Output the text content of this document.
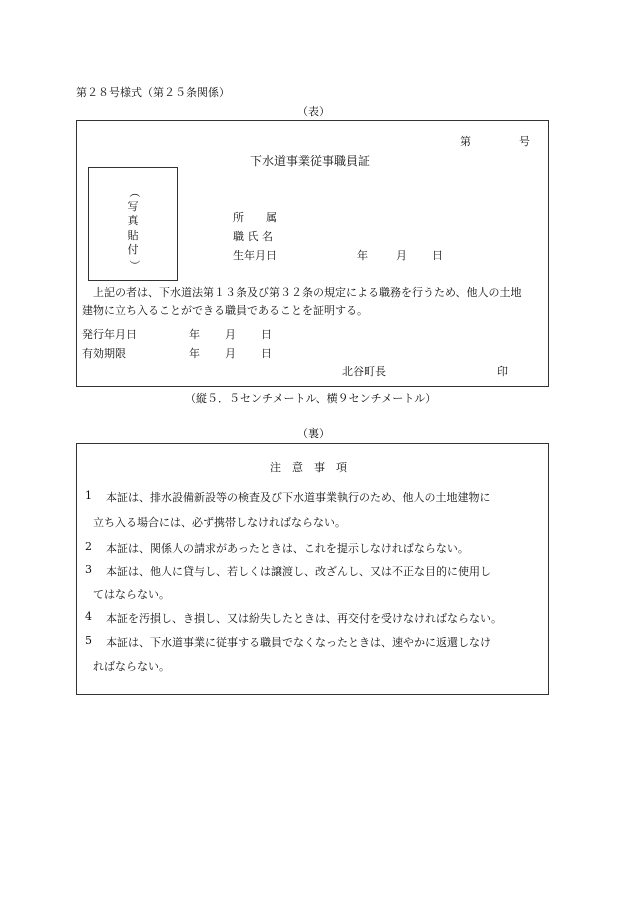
第２８号様式（第２５条関係）
（表）
第	号
下水道事業従事職員証
（
写
真
貼
付
）
所　　属
職 氏 名
生年月日	年	月 日
上記の者は、下水道法第１３条及び第３２条の規定による職務を行うため、他人の土地
建物に立ち入ることができる職員であることを証明する。
発行年月日	年 月 日
有効期限	年 月 日
北谷町長	印
（縦５．５センチメートル、横９センチメートル）
（裏）
注　意　事　項
1 本証は、排水設備新設等の検査及び下水道事業執行のため、他人の土地建物に
立ち入る場合には、必ず携帯しなければならない。
2 本証は、関係人の請求があったときは、これを提示しなければならない。
3 本証は、他人に貸与し、若しくは譲渡し、改ざんし、又は不正な目的に使用し
てはならない。
4 本証を汚損し、き損し、又は紛失したときは、再交付を受けなければならない。
5 本証は、下水道事業に従事する職員でなくなったときは、速やかに返還しなけ
ればならない。
